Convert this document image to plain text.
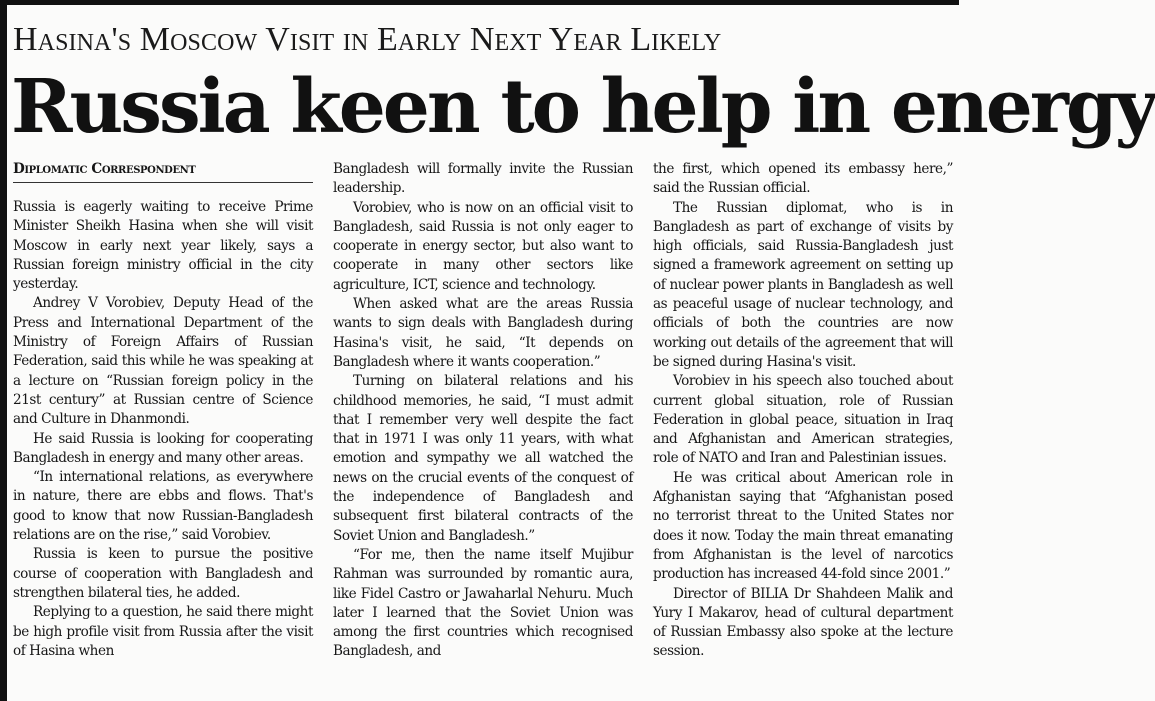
Hasina's Moscow Visit in Early Next Year Likely
Russia keen to help in energy
Diplomatic Correspondent

Russia is eagerly waiting to receive Prime Minister Sheikh Hasina when she will visit Moscow in early next year likely, says a Russian foreign ministry official in the city yesterday.

Andrey V Vorobiev, Deputy Head of the Press and International Department of the Ministry of Foreign Affairs of Russian Federation, said this while he was speaking at a lecture on “Russian foreign policy in the 21st century” at Russian centre of Science and Culture in Dhanmondi.

He said Russia is looking for cooperating Bangladesh in energy and many other areas.

“In international relations, as everywhere in nature, there are ebbs and flows. That's good to know that now Russian-Bangladesh relations are on the rise,” said Vorobiev.

Russia is keen to pursue the positive course of cooperation with Bangladesh and strengthen bilateral ties, he added.

Replying to a question, he said there might be high profile visit from Russia after the visit of Hasina when

Bangladesh will formally invite the Russian leadership.

Vorobiev, who is now on an official visit to Bangladesh, said Russia is not only eager to cooperate in energy sector, but also want to cooperate in many other sectors like agriculture, ICT, science and technology.

When asked what are the areas Russia wants to sign deals with Bangladesh during Hasina's visit, he said, “It depends on Bangladesh where it wants cooperation.”

Turning on bilateral relations and his childhood memories, he said, “I must admit that I remember very well despite the fact that in 1971 I was only 11 years, with what emotion and sympathy we all watched the news on the crucial events of the conquest of the independence of Bangladesh and subsequent first bilateral contracts of the Soviet Union and Bangladesh.”

“For me, then the name itself Mujibur Rahman was surrounded by romantic aura, like Fidel Castro or Jawaharlal Nehuru. Much later I learned that the Soviet Union was among the first countries which recognised Bangladesh, and

the first, which opened its embassy here,” said the Russian official.

The Russian diplomat, who is in Bangladesh as part of exchange of visits by high officials, said Russia-Bangladesh just signed a framework agreement on setting up of nuclear power plants in Bangladesh as well as peaceful usage of nuclear technology, and officials of both the countries are now working out details of the agreement that will be signed during Hasina's visit.

Vorobiev in his speech also touched about current global situation, role of Russian Federation in global peace, situation in Iraq and Afghanistan and American strategies, role of NATO and Iran and Palestinian issues.

He was critical about American role in Afghanistan saying that “Afghanistan posed no terrorist threat to the United States nor does it now. Today the main threat emanating from Afghanistan is the level of narcotics production has increased 44-fold since 2001.”

Director of BILIA Dr Shahdeen Malik and Yury I Makarov, head of cultural department of Russian Embassy also spoke at the lecture session.
